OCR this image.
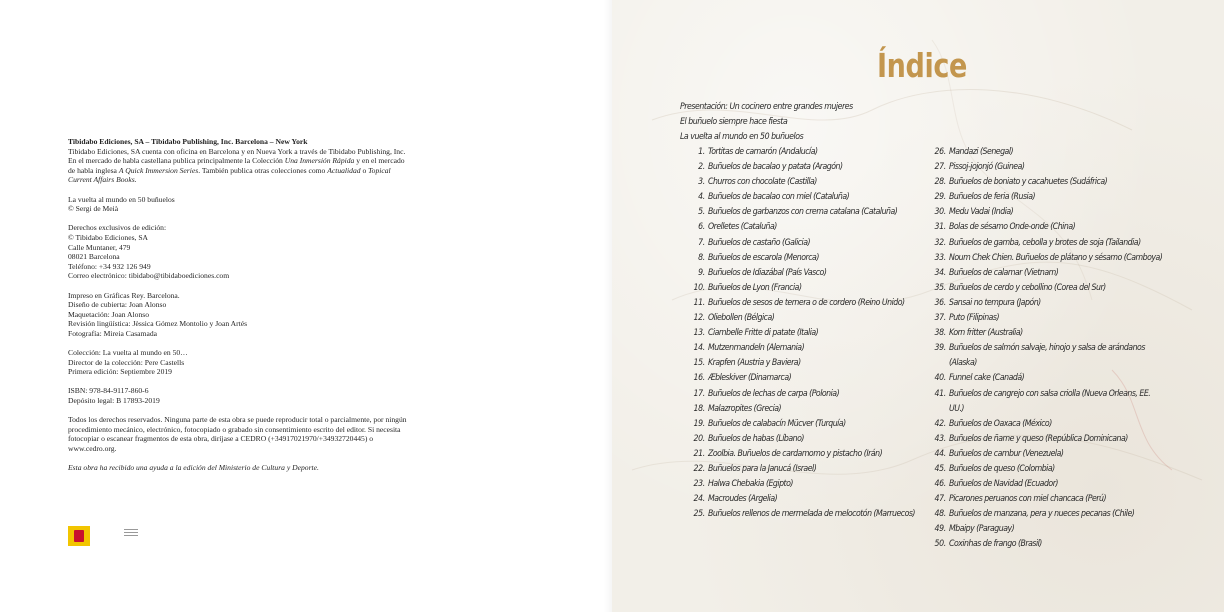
Tibidabo Ediciones, SA – Tibidabo Publishing, Inc. Barcelona – New York

Tibidabo Ediciones, SA cuenta con oficina en Barcelona y en Nueva York a través de Tibidabo Publishing, Inc. En el mercado de habla castellana publica principalmente la Colección Una Inmersión Rápida y en el mercado de habla inglesa A Quick Immersion Series. También publica otras colecciones como Actualidad o Topical Current Affairs Books.

La vuelta al mundo en 50 buñuelos

© Sergi de Meià

Derechos exclusivos de edición:

© Tibidabo Ediciones, SA

Calle Muntaner, 479

08021 Barcelona

Teléfono: +34 932 126 949

Correo electrónico: tibidabo@tibidaboediciones.com

Impreso en Gráficas Rey. Barcelona.

Diseño de cubierta: Joan Alonso

Maquetación: Joan Alonso

Revisión lingüística: Jèssica Gómez Montolio y Joan Artés

Fotografía: Mireia Casamada

Colección: La vuelta al mundo en 50…

Director de la colección: Pere Castells

Primera edición: Septiembre 2019

ISBN: 978-84-9117-860-6

Depósito legal: B 17893-2019

Todos los derechos reservados. Ninguna parte de esta obra se puede reproducir total o parcialmente, por ningún procedimiento mecánico, electrónico, fotocopiado o grabado sin consentimiento escrito del editor. Si necesita fotocopiar o escanear fragmentos de esta obra, diríjase a CEDRO (+34917021970/+34932720445) o www.cedro.org.

Esta obra ha recibido una ayuda a la edición del Ministerio de Cultura y Deporte.

Índice
Presentación: Un cocinero entre grandes mujeres
El buñuelo siempre hace fiesta
La vuelta al mundo en 50 buñuelos
1. Tortitas de camarón (Andalucía)
2. Buñuelos de bacalao y patata (Aragón)
3. Churros con chocolate (Castilla)
4. Buñuelos de bacalao con miel (Cataluña)
5. Buñuelos de garbanzos con crema catalana (Cataluña)
6. Orelletes (Cataluña)
7. Buñuelos de castaño (Galicia)
8. Buñuelos de escarola (Menorca)
9. Buñuelos de Idiazábal (País Vasco)
10. Buñuelos de Lyon (Francia)
11. Buñuelos de sesos de ternera o de cordero (Reino Unido)
12. Oliebollen (Bélgica)
13. Ciambelle Fritte di patate (Italia)
14. Mutzenmandeln (Alemania)
15. Krapfen (Austria y Baviera)
16. Æbleskiver (Dinamarca)
17. Buñuelos de lechas de carpa (Polonia)
18. Malazropites (Grecia)
19. Buñuelos de calabacín Mücver (Turquía)
20. Buñuelos de habas (Líbano)
21. Zoolbia. Buñuelos de cardamomo y pistacho (Irán)
22. Buñuelos para la Janucá (Israel)
23. Halwa Chebakia (Egipto)
24. Macroudes (Argelia)
25. Buñuelos rellenos de mermelada de melocotón (Marruecos)
26. Mandazi (Senegal)
27. Pissoj-jojonjó (Guinea)
28. Buñuelos de boniato y cacahuetes (Sudáfrica)
29. Buñuelos de feria (Rusia)
30. Medu Vadai (India)
31. Bolas de sésamo Onde-onde (China)
32. Buñuelos de gamba, cebolla y brotes de soja (Tailandia)
33. Noum Chek Chien. Buñuelos de plátano y sésamo (Camboya)
34. Buñuelos de calamar (Vietnam)
35. Buñuelos de cerdo y cebollino (Corea del Sur)
36. Sansai no tempura (Japón)
37. Puto (Filipinas)
38. Korn fritter (Australia)
39. Buñuelos de salmón salvaje, hinojo y salsa de arándanos (Alaska)
40. Funnel cake (Canadá)
41. Buñuelos de cangrejo con salsa criolla (Nueva Orleans, EE. UU.)
42. Buñuelos de Oaxaca (México)
43. Buñuelos de ñame y queso (República Dominicana)
44. Buñuelos de cambur (Venezuela)
45. Buñuelos de queso (Colombia)
46. Buñuelos de Navidad (Ecuador)
47. Picarones peruanos con miel chancaca (Perú)
48. Buñuelos de manzana, pera y nueces pecanas (Chile)
49. Mbaipy (Paraguay)
50. Coxinhas de frango (Brasil)
